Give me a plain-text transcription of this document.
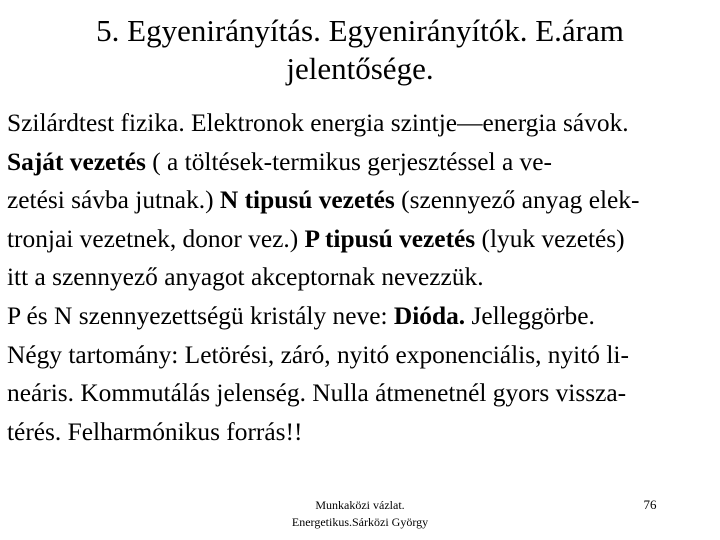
5. Egyenirányítás. Egyenirányítók. E.áram
jelentősége.
Szilárdtest fizika. Elektronok energia szintje—energia sávok.
Saját vezetés ( a töltések-termikus gerjesztéssel a ve-
zetési sávba jutnak.) N tipusú vezetés (szennyező anyag elek-
tronjai vezetnek, donor vez.) P tipusú vezetés (lyuk vezetés)
itt a szennyező anyagot akceptornak nevezzük.
P és N szennyezettségü kristály neve: Dióda. Jelleggörbe.
Négy tartomány: Letörési, záró, nyitó exponenciális, nyitó li-
neáris. Kommutálás jelenség. Nulla átmenetnél gyors vissza-
térés. Felharmónikus forrás!!
Munkaközi vázlat.
Energetikus.Sárközi György
76
